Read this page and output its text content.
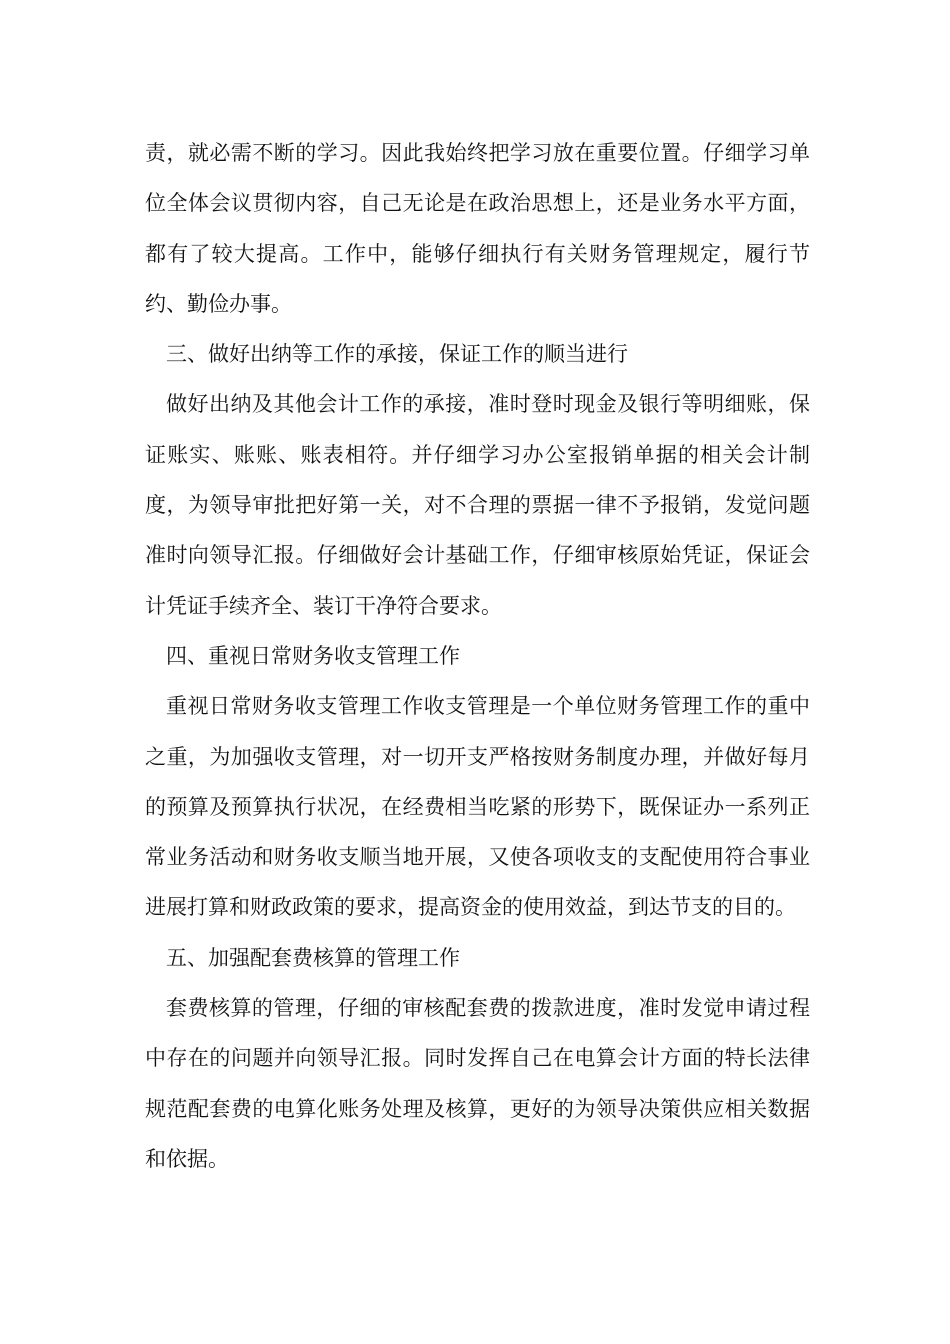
责，就必需不断的学习。因此我始终把学习放在重要位置。仔细学习单位全体会议贯彻内容，自己无论是在政治思想上，还是业务水平方面，都有了较大提高。工作中，能够仔细执行有关财务管理规定，履行节约、勤俭办事。

三、做好出纳等工作的承接，保证工作的顺当进行

做好出纳及其他会计工作的承接，准时登时现金及银行等明细账，保证账实、账账、账表相符。并仔细学习办公室报销单据的相关会计制度，为领导审批把好第一关，对不合理的票据一律不予报销，发觉问题准时向领导汇报。仔细做好会计基础工作，仔细审核原始凭证，保证会计凭证手续齐全、装订干净符合要求。

四、重视日常财务收支管理工作

重视日常财务收支管理工作收支管理是一个单位财务管理工作的重中之重，为加强收支管理，对一切开支严格按财务制度办理，并做好每月的预算及预算执行状况，在经费相当吃紧的形势下，既保证办一系列正常业务活动和财务收支顺当地开展，又使各项收支的支配使用符合事业进展打算和财政政策的要求，提高资金的使用效益，到达节支的目的。

五、加强配套费核算的管理工作

套费核算的管理，仔细的审核配套费的拨款进度，准时发觉申请过程中存在的问题并向领导汇报。同时发挥自己在电算会计方面的特长法律规范配套费的电算化账务处理及核算，更好的为领导决策供应相关数据和依据。
